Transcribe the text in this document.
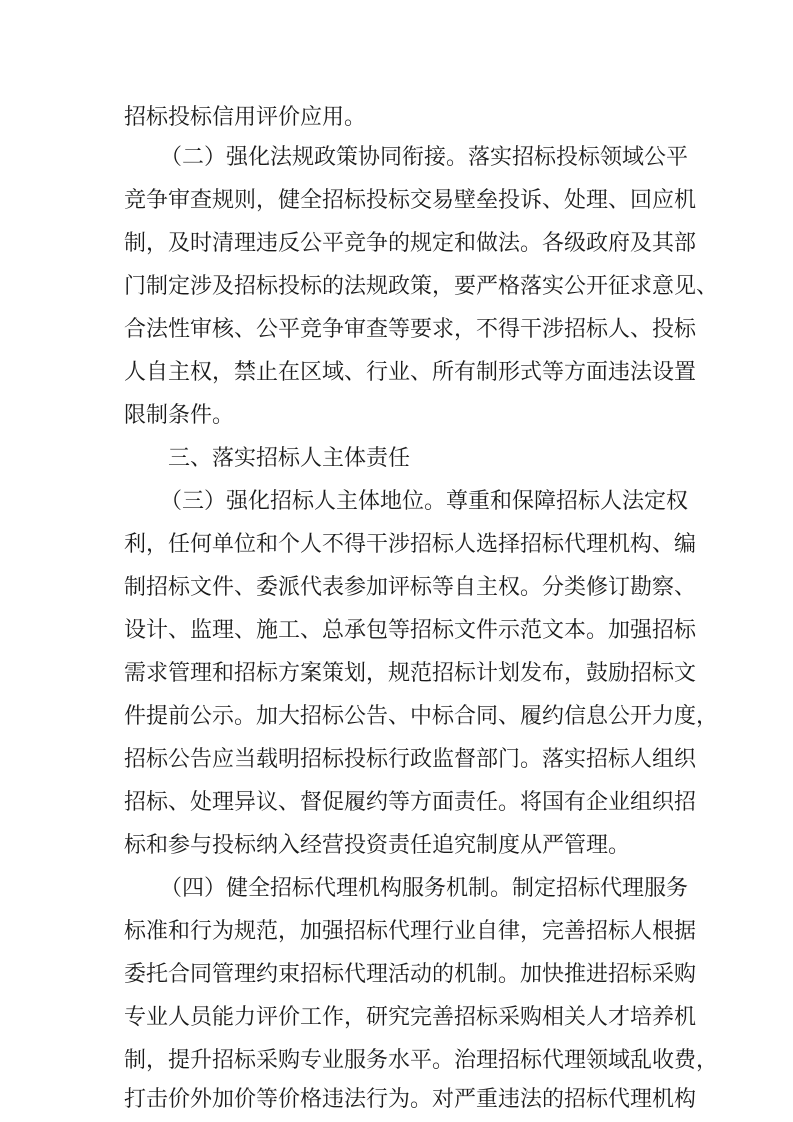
招标投标信用评价应用。
（二）强化法规政策协同衔接。落实招标投标领域公平
竞争审查规则，健全招标投标交易壁垒投诉、处理、回应机
制，及时清理违反公平竞争的规定和做法。各级政府及其部
门制定涉及招标投标的法规政策，要严格落实公开征求意见、
合法性审核、公平竞争审查等要求，不得干涉招标人、投标
人自主权，禁止在区域、行业、所有制形式等方面违法设置
限制条件。
三、落实招标人主体责任
（三）强化招标人主体地位。尊重和保障招标人法定权
利，任何单位和个人不得干涉招标人选择招标代理机构、编
制招标文件、委派代表参加评标等自主权。分类修订勘察、
设计、监理、施工、总承包等招标文件示范文本。加强招标
需求管理和招标方案策划，规范招标计划发布，鼓励招标文
件提前公示。加大招标公告、中标合同、履约信息公开力度，
招标公告应当载明招标投标行政监督部门。落实招标人组织
招标、处理异议、督促履约等方面责任。将国有企业组织招
标和参与投标纳入经营投资责任追究制度从严管理。
（四）健全招标代理机构服务机制。制定招标代理服务
标准和行为规范，加强招标代理行业自律，完善招标人根据
委托合同管理约束招标代理活动的机制。加快推进招标采购
专业人员能力评价工作，研究完善招标采购相关人才培养机
制，提升招标采购专业服务水平。治理招标代理领域乱收费，
打击价外加价等价格违法行为。对严重违法的招标代理机构
